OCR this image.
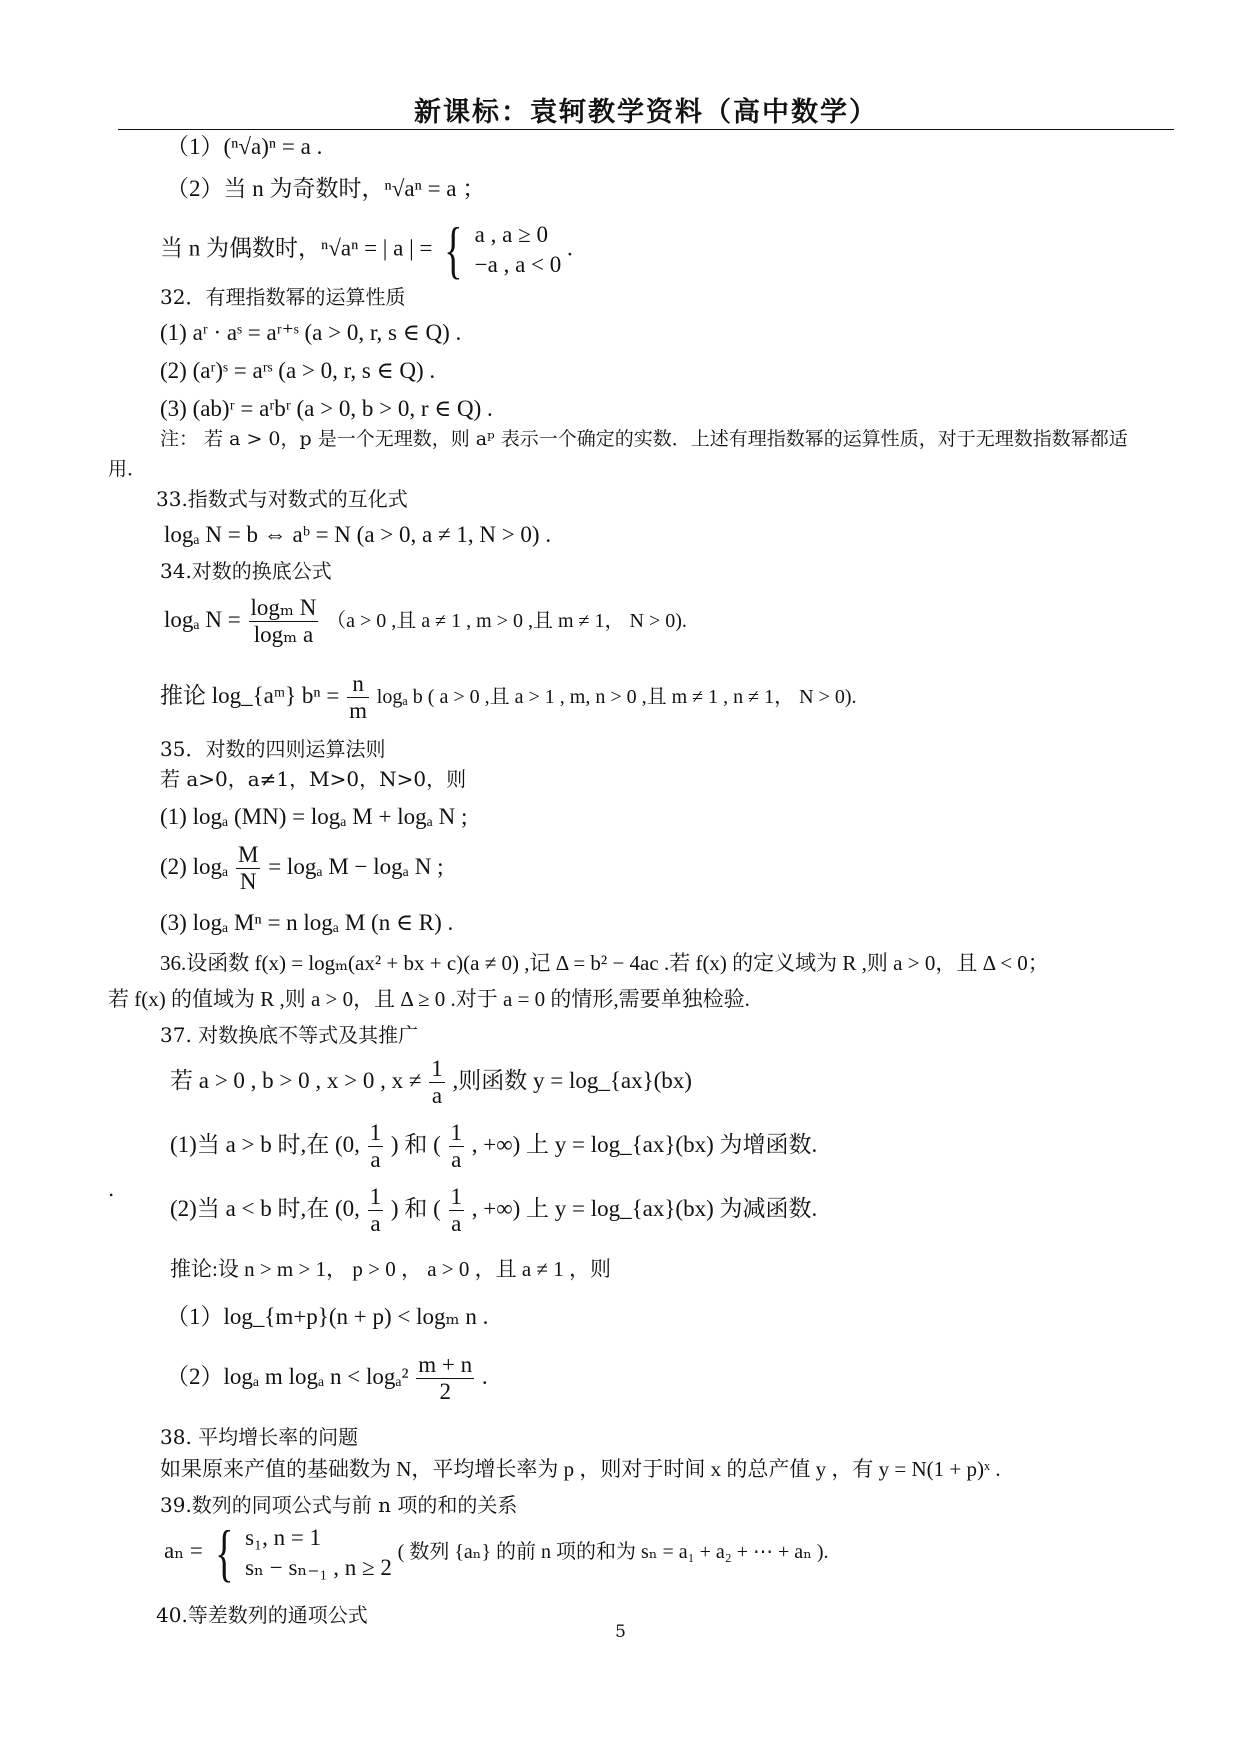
新课标：袁轲教学资料（高中数学）
（1）(ⁿ√a)ⁿ = a .
（2）当 n 为奇数时，ⁿ√aⁿ = a ；
当 n 为偶数时，ⁿ√aⁿ = | a | = { a , a ≥ 0
−a , a < 0
.
32．有理指数幂的运算性质
(1) aʳ · aˢ = aʳ⁺ˢ (a > 0, r, s ∈ Q) .
(2) (aʳ)ˢ = aʳˢ (a > 0, r, s ∈ Q) .
(3) (ab)ʳ = aʳbʳ (a > 0, b > 0, r ∈ Q) .
注： 若 a > 0，p 是一个无理数，则 aᵖ 表示一个确定的实数．上述有理指数幂的运算性质，对于无理数指数幂都适用．
33.指数式与对数式的互化式
logₐ N = b ⇔ aᵇ = N (a > 0, a ≠ 1, N > 0) .
34.对数的换底公式
logₐ $N = \frac{\text{logₘ N}}{\text{logₘ a}} (a > 0$ ,且 a ≠ 1 , m > 0 ,且 m ≠ 1， N > 0).
推论 log_{aᵐ} $b^n = \frac{n}{m}$ logₐ b ( a > 0 ,且 a > 1 , m, n > 0 ,且 m ≠ 1 , n ≠ 1， N > 0).
35．对数的四则运算法则
若 a>0，a≠1，M>0，N>0，则
(1) logₐ (MN) = logₐ M + logₐ N ;
(2) logₐ $\frac{M}{N} = \log_a$ M − logₐ N ;
(3) logₐ Mⁿ = n logₐ M (n ∈ R) .
36.设函数 f(x) = logₘ(ax² + bx + c)(a ≠ 0) ,记 Δ = b² − 4ac .若 f(x) 的定义域为 R ,则 a > 0，且 Δ < 0；
若 f(x) 的值域为 R ,则 a > 0，且 Δ ≥ 0 .对于 a = 0 的情形,需要单独检验.
37. 对数换底不等式及其推广
若 a > 0 , b > 0 , x > 0 , $x \ne \frac{1}{a}$ ,则函数 y = log_{ax}(bx)
(1)当 a > b 时,在 (0, $\frac{1}{a}$ ) 和 ( $\frac{1}{a}$ , +∞) 上 y = log_{ax}(bx) 为增函数.
.
(2)当 a < b 时,在 (0, $\frac{1}{a}$ ) 和 ( $\frac{1}{a}$ , +∞) 上 y = log_{ax}(bx) 为减函数.
推论:设 n > m > 1， p > 0 ， a > 0 ，且 a ≠ 1 ，则
（1）log_{m+p}(n + p) < logₘ n .
（2）logₐ m logₐ $n < \log_a^2 \frac{m + n}{2}$ .
38. 平均增长率的问题
如果原来产值的基础数为 N，平均增长率为 p ，则对于时间 x 的总产值 y ，有 y = N(1 + p)ˣ .
39.数列的同项公式与前 n 项的和的关系
aₙ = { s₁, n = 1
sₙ − sₙ₋₁ , n ≥ 2
( 数列 {aₙ} 的前 n 项的和为 sₙ = a₁ + a₂ + ⋯ + aₙ ).
40.等差数列的通项公式
5
